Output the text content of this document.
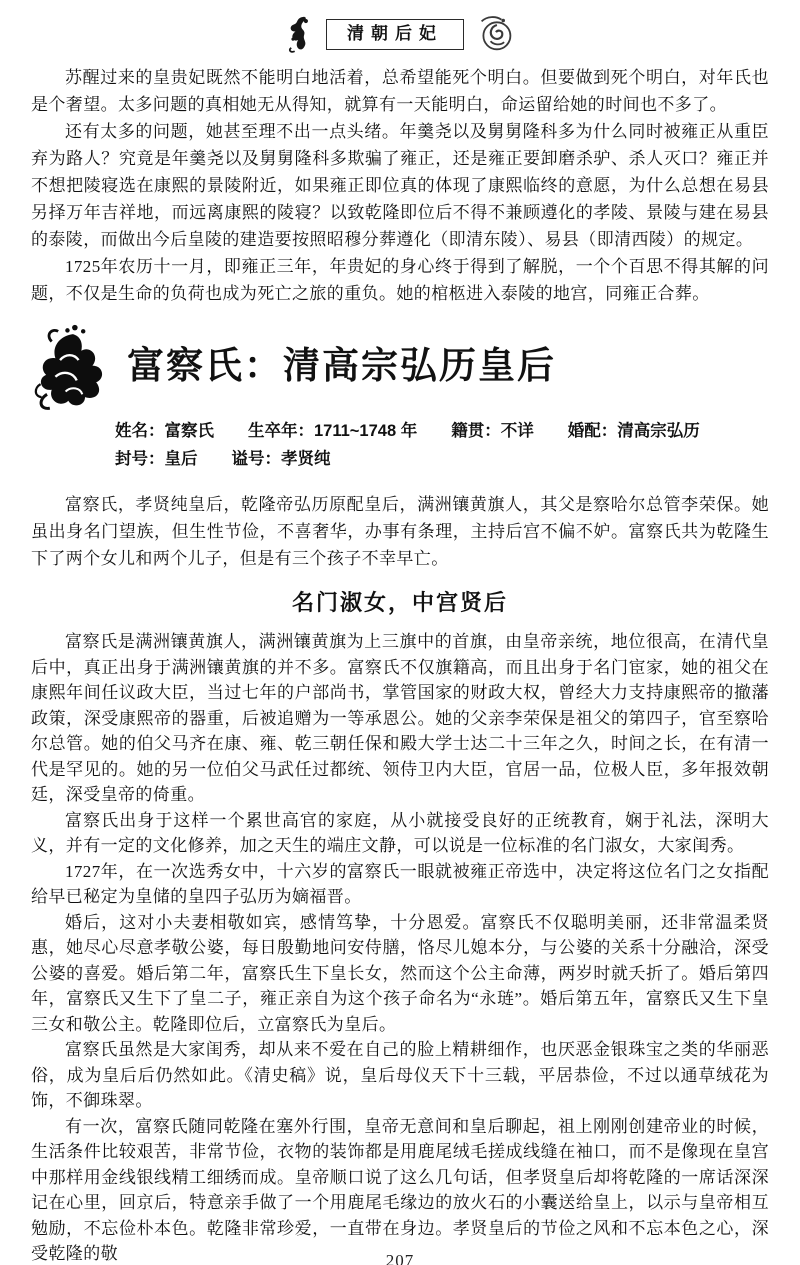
清朝后妃

苏醒过来的皇贵妃既然不能明白地活着，总希望能死个明白。但要做到死个明白，对年氏也是个奢望。太多问题的真相她无从得知，就算有一天能明白，命运留给她的时间也不多了。

还有太多的问题，她甚至理不出一点头绪。年羹尧以及舅舅隆科多为什么同时被雍正从重臣弃为路人？究竟是年羹尧以及舅舅隆科多欺骗了雍正，还是雍正要卸磨杀驴、杀人灭口？雍正并不想把陵寝选在康熙的景陵附近，如果雍正即位真的体现了康熙临终的意愿，为什么总想在易县另择万年吉祥地，而远离康熙的陵寝？以致乾隆即位后不得不兼顾遵化的孝陵、景陵与建在易县的泰陵，而做出今后皇陵的建造要按照昭穆分葬遵化（即清东陵）、易县（即清西陵）的规定。

1725年农历十一月，即雍正三年，年贵妃的身心终于得到了解脱，一个个百思不得其解的问题，不仅是生命的负荷也成为死亡之旅的重负。她的棺柩进入泰陵的地宫，同雍正合葬。

富察氏：清高宗弘历皇后
姓名：富察氏 生卒年：1711~1748 年 籍贯：不详 婚配：清高宗弘历
封号：皇后 谥号：孝贤纯

富察氏，孝贤纯皇后，乾隆帝弘历原配皇后，满洲镶黄旗人，其父是察哈尔总管李荣保。她虽出身名门望族，但生性节俭，不喜奢华，办事有条理，主持后宫不偏不妒。富察氏共为乾隆生下了两个女儿和两个儿子，但是有三个孩子不幸早亡。

名门淑女，中宫贤后

富察氏是满洲镶黄旗人，满洲镶黄旗为上三旗中的首旗，由皇帝亲统，地位很高，在清代皇后中，真正出身于满洲镶黄旗的并不多。富察氏不仅旗籍高，而且出身于名门宦家，她的祖父在康熙年间任议政大臣，当过七年的户部尚书，掌管国家的财政大权，曾经大力支持康熙帝的撤藩政策，深受康熙帝的器重，后被追赠为一等承恩公。她的父亲李荣保是祖父的第四子，官至察哈尔总管。她的伯父马齐在康、雍、乾三朝任保和殿大学士达二十三年之久，时间之长，在有清一代是罕见的。她的另一位伯父马武任过都统、领侍卫内大臣，官居一品，位极人臣，多年报效朝廷，深受皇帝的倚重。

富察氏出身于这样一个累世高官的家庭，从小就接受良好的正统教育，娴于礼法，深明大义，并有一定的文化修养，加之天生的端庄文静，可以说是一位标准的名门淑女，大家闺秀。

1727年，在一次选秀女中，十六岁的富察氏一眼就被雍正帝选中，决定将这位名门之女指配给早已秘定为皇储的皇四子弘历为嫡福晋。

婚后，这对小夫妻相敬如宾，感情笃挚，十分恩爱。富察氏不仅聪明美丽，还非常温柔贤惠，她尽心尽意孝敬公婆，每日殷勤地问安侍膳，恪尽儿媳本分，与公婆的关系十分融洽，深受公婆的喜爱。婚后第二年，富察氏生下皇长女，然而这个公主命薄，两岁时就夭折了。婚后第四年，富察氏又生下了皇二子，雍正亲自为这个孩子命名为“永琏”。婚后第五年，富察氏又生下皇三女和敬公主。乾隆即位后，立富察氏为皇后。

富察氏虽然是大家闺秀，却从来不爱在自己的脸上精耕细作，也厌恶金银珠宝之类的华丽恶俗，成为皇后后仍然如此。《清史稿》说，皇后母仪天下十三载，平居恭俭，不过以通草绒花为饰，不御珠翠。

有一次，富察氏随同乾隆在塞外行围，皇帝无意间和皇后聊起，祖上刚刚创建帝业的时候，生活条件比较艰苦，非常节俭，衣物的装饰都是用鹿尾绒毛搓成线缝在袖口，而不是像现在皇宫中那样用金线银线精工细绣而成。皇帝顺口说了这么几句话，但孝贤皇后却将乾隆的一席话深深记在心里，回京后，特意亲手做了一个用鹿尾毛缘边的放火石的小囊送给皇上，以示与皇帝相互勉励，不忘俭朴本色。乾隆非常珍爱，一直带在身边。孝贤皇后的节俭之风和不忘本色之心，深受乾隆的敬	207
